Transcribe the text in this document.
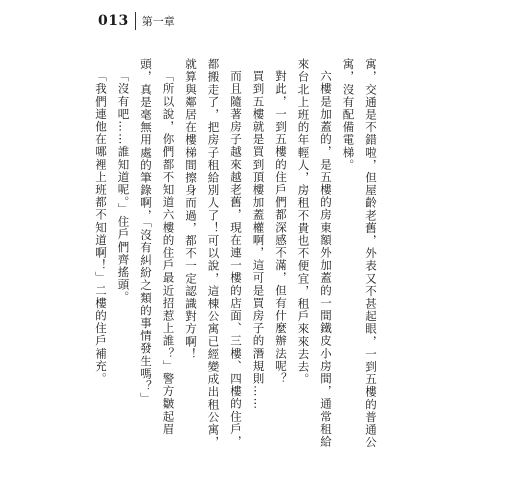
013 第一章

寓，交通是不錯啦，但屋齡老舊，外表又不甚起眼，一到五樓的普通公寓，沒有配備電梯。

六樓是加蓋的，是五樓的房東額外加蓋的一間鐵皮小房間，通常租給來台北上班的年輕人，房租不貴也不便宜，租戶來來去去。

對此，一到五樓的住戶們都深感不滿，但有什麼辦法呢？

買到五樓就是買到頂樓加蓋權啊，這可是買房子的潛規則……

而且隨著房子越來越老舊，現在連一樓的店面、三樓、四樓的住戶，都搬走了，把房子租給別人了！可以說，這棟公寓已經變成出租公寓，就算與鄰居在樓梯間擦身而過，都不一定認識對方啊！

「所以說，你們都不知道六樓的住戶最近招惹上誰？」警方皺起眉頭，真是毫無用處的筆錄啊，「沒有糾紛之類的事情發生嗎？」

「沒有吧……誰知道呢。」住戶們齊搖頭。

「我們連他在哪裡上班都不知道啊！」二樓的住戶補充。
